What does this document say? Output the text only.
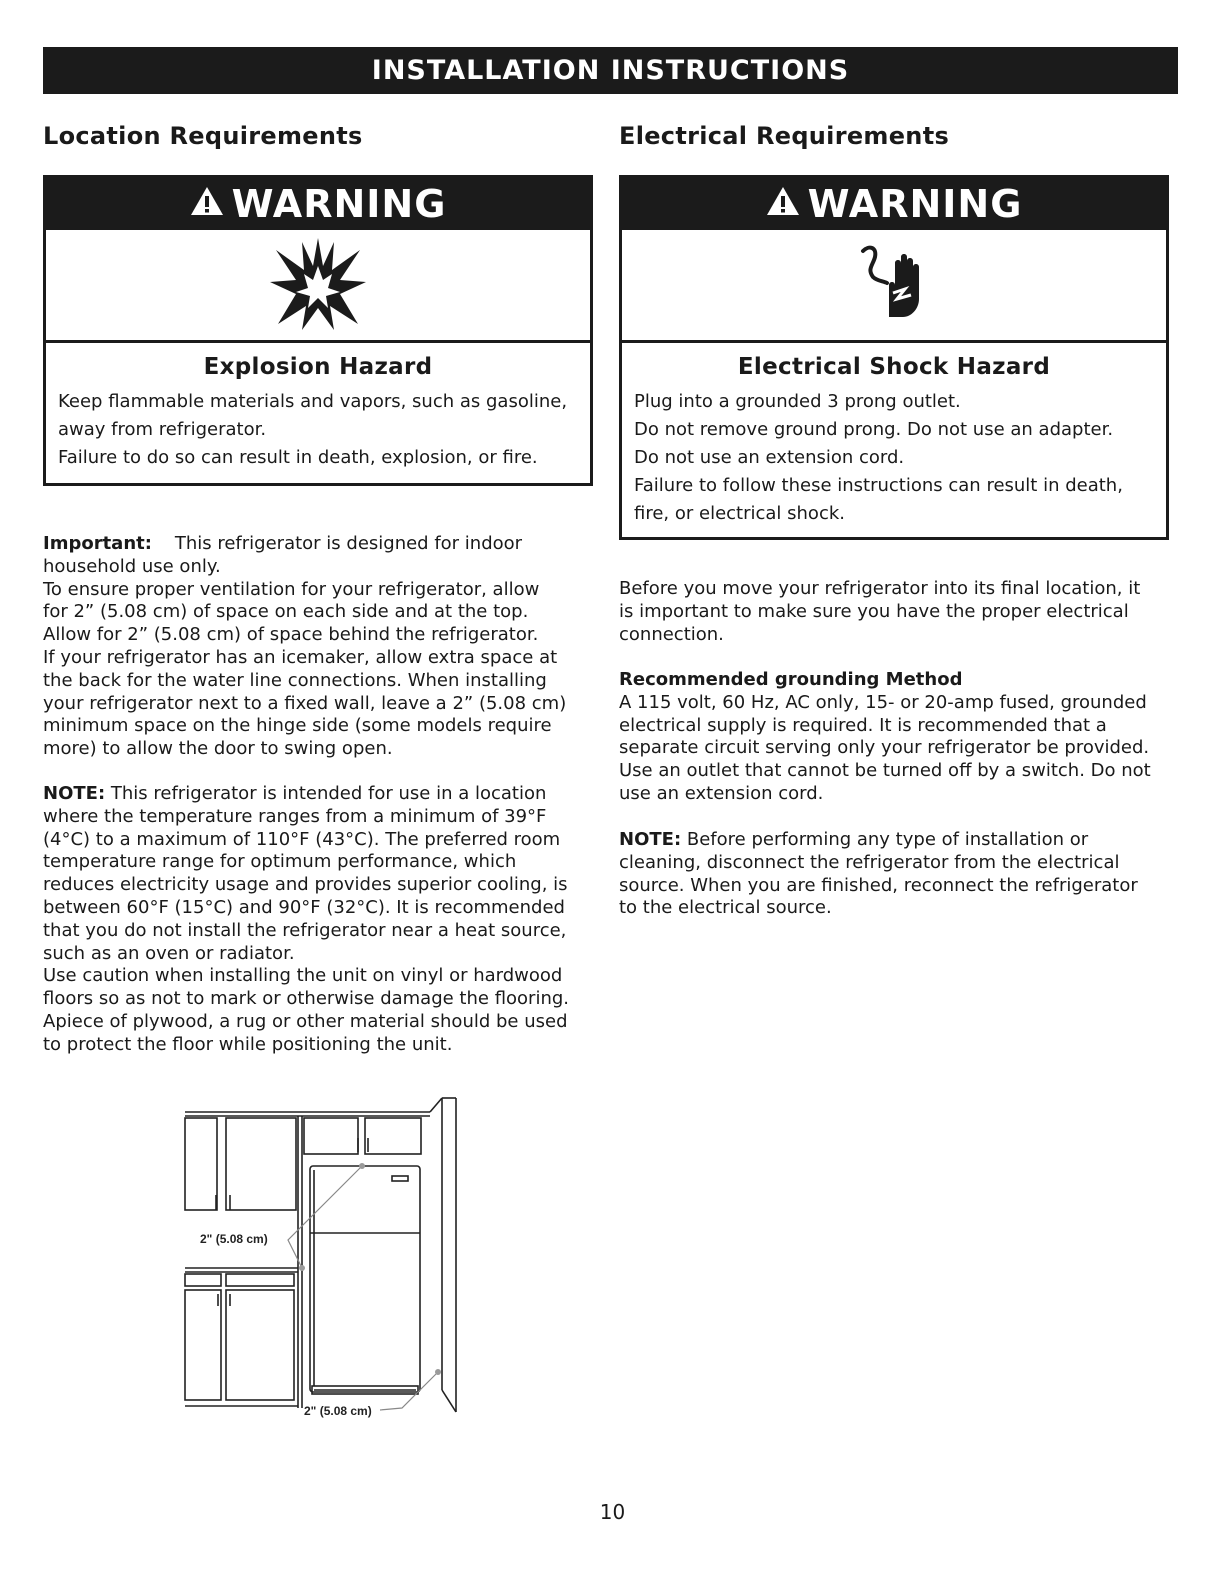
INSTALLATION INSTRUCTIONS
Location Requirements
WARNING
Explosion Hazard
Keep flammable materials and vapors, such as gasoline,
away from refrigerator.
Failure to do so can result in death, explosion, or fire.
Important: This refrigerator is designed for indoor
household use only.
To ensure proper ventilation for your refrigerator, allow
for 2” (5.08 cm) of space on each side and at the top.
Allow for 2” (5.08 cm) of space behind the refrigerator.
If your refrigerator has an icemaker, allow extra space at
the back for the water line connections. When installing
your refrigerator next to a fixed wall, leave a 2” (5.08 cm)
minimum space on the hinge side (some models require
more) to allow the door to swing open.
NOTE: This refrigerator is intended for use in a location
where the temperature ranges from a minimum of 39°F
(4°C) to a maximum of 110°F (43°C). The preferred room
temperature range for optimum performance, which
reduces electricity usage and provides superior cooling, is
between 60°F (15°C) and 90°F (32°C). It is recommended
that you do not install the refrigerator near a heat source,
such as an oven or radiator.
Use caution when installing the unit on vinyl or hardwood
floors so as not to mark or otherwise damage the flooring.
Apiece of plywood, a rug or other material should be used
to protect the floor while positioning the unit.
2" (5.08 cm)
2" (5.08 cm)
Electrical Requirements
WARNING
Electrical Shock Hazard
Plug into a grounded 3 prong outlet.
Do not remove ground prong. Do not use an adapter.
Do not use an extension cord.
Failure to follow these instructions can result in death,
fire, or electrical shock.
Before you move your refrigerator into its final location, it
is important to make sure you have the proper electrical
connection.
Recommended grounding Method
A 115 volt, 60 Hz, AC only, 15- or 20-amp fused, grounded
electrical supply is required. It is recommended that a
separate circuit serving only your refrigerator be provided.
Use an outlet that cannot be turned off by a switch. Do not
use an extension cord.
NOTE: Before performing any type of installation or
cleaning, disconnect the refrigerator from the electrical
source. When you are finished, reconnect the refrigerator
to the electrical source.
10
